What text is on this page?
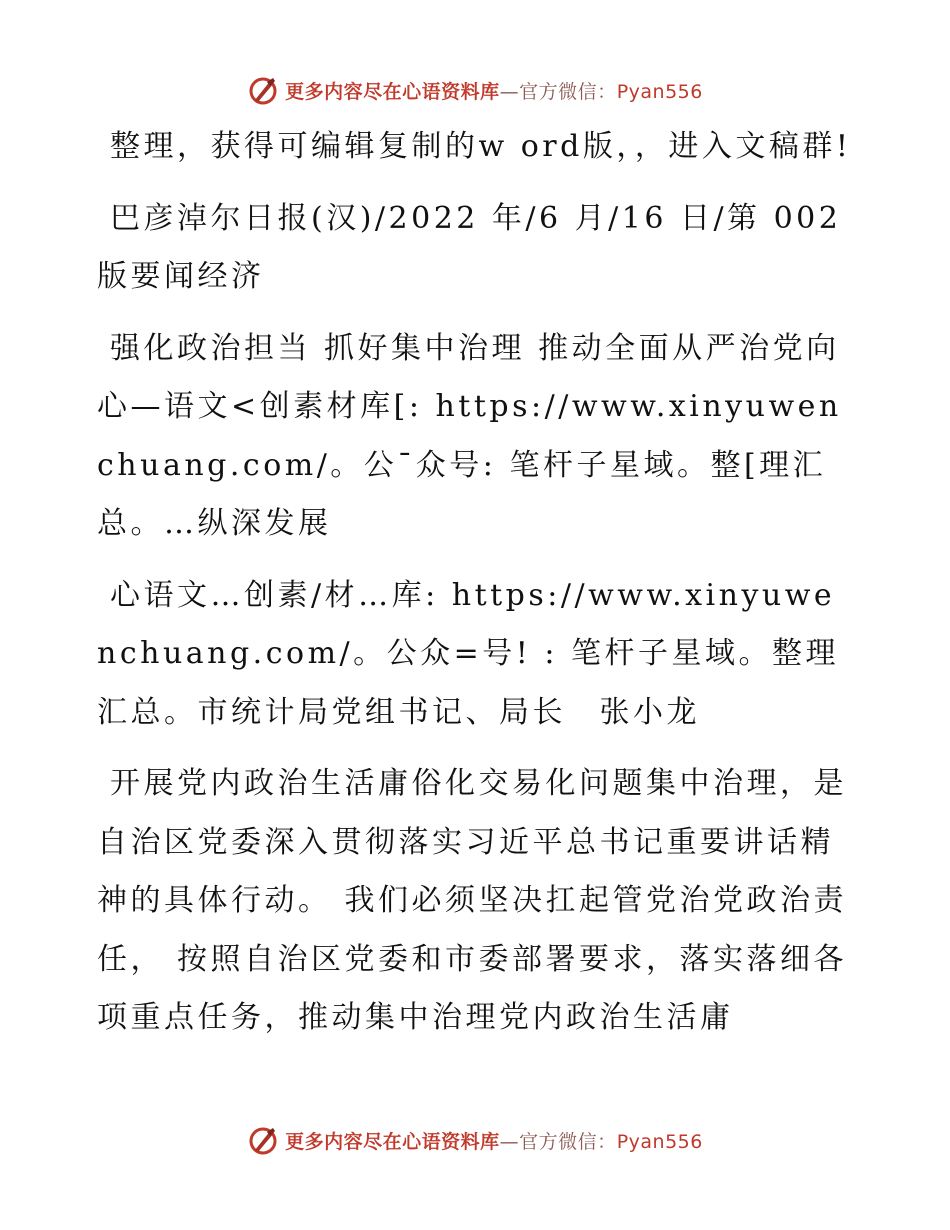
更多内容尽在心语资料库—官方微信：Pyan556

整理，获得可编辑复制的w ord版，，进入文稿群!

巴彦淖尔日报(汉)/2022 年/6 月/16 日/第 002 版要闻经济

强化政治担当 抓好集中治理 推动全面从严治党向心—语文<创素材库[: https://www.xinyuwenchuang.com/。公¯众号: 笔杆子星域。整[理汇总。…纵深发展

心语文…创素/材…库: https://www.xinyuwenchuang.com/。公众=号! : 笔杆子星域。整理汇总。市统计局党组书记、局长　张小龙

开展党内政治生活庸俗化交易化问题集中治理，是自治区党委深入贯彻落实习近平总书记重要讲话精神的具体行动。 我们必须坚决扛起管党治党政治责任， 按照自治区党委和市委部署要求，落实落细各项重点任务，推动集中治理党内政治生活庸

更多内容尽在心语资料库—官方微信：Pyan556
